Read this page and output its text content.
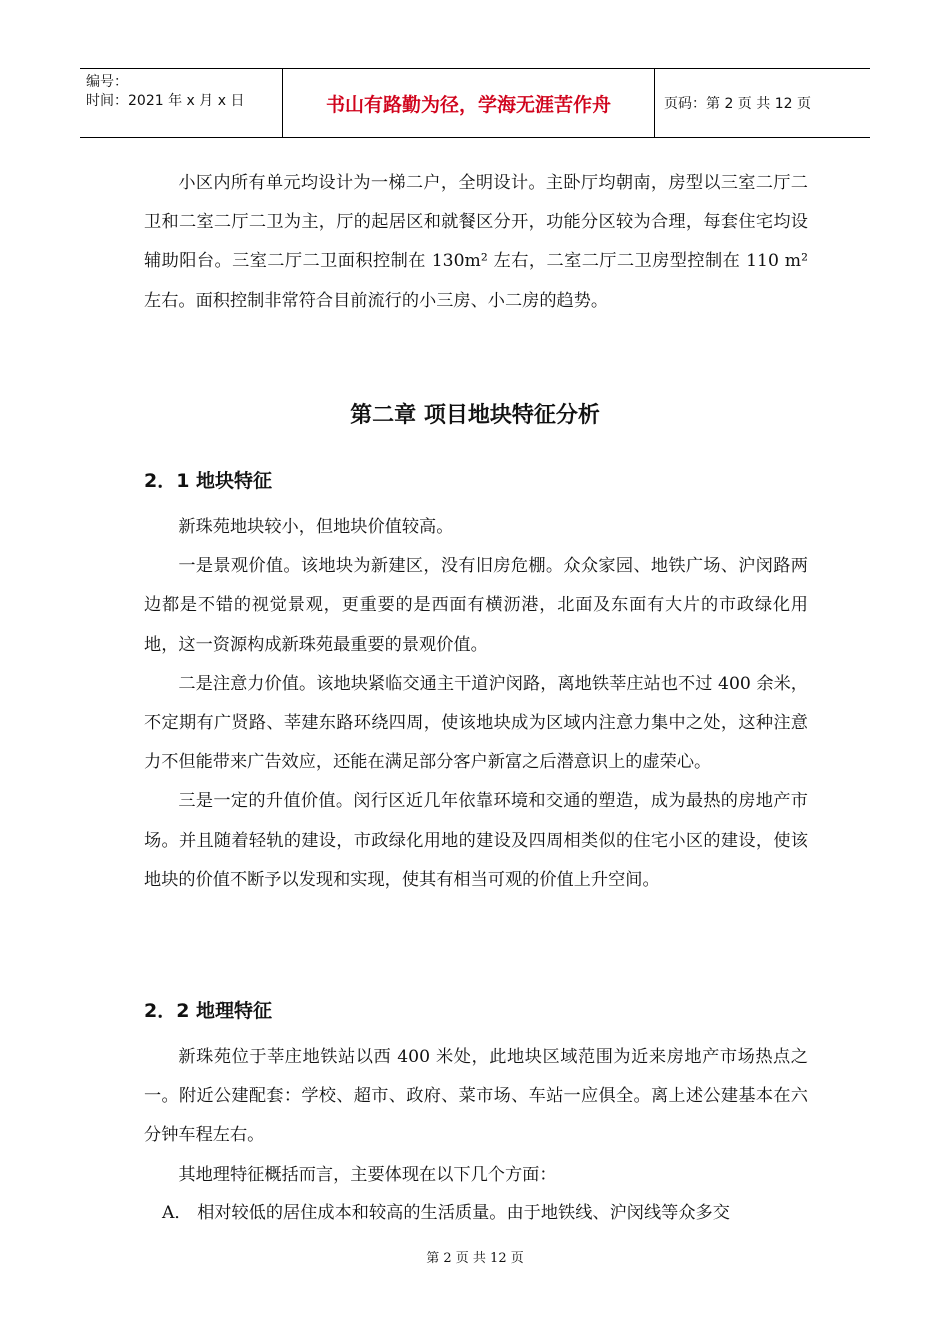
编号：
时间：2021 年 x 月 x 日	书山有路勤为径，学海无涯苦作舟	页码：第 2 页 共 12 页

小区内所有单元均设计为一梯二户，全明设计。主卧厅均朝南，房型以三室二厅二卫和二室二厅二卫为主，厅的起居区和就餐区分开，功能分区较为合理，每套住宅均设辅助阳台。三室二厅二卫面积控制在 130m² 左右，二室二厅二卫房型控制在 110 m² 左右。面积控制非常符合目前流行的小三房、小二房的趋势。

第二章 项目地块特征分析
2．1 地块特征

新珠苑地块较小，但地块价值较高。

一是景观价值。该地块为新建区，没有旧房危棚。众众家园、地铁广场、沪闵路两边都是不错的视觉景观，更重要的是西面有横沥港，北面及东面有大片的市政绿化用地，这一资源构成新珠苑最重要的景观价值。

二是注意力价值。该地块紧临交通主干道沪闵路，离地铁莘庄站也不过 400 余米，不定期有广贤路、莘建东路环绕四周，使该地块成为区域内注意力集中之处，这种注意力不但能带来广告效应，还能在满足部分客户新富之后潜意识上的虚荣心。

三是一定的升值价值。闵行区近几年依靠环境和交通的塑造，成为最热的房地产市场。并且随着轻轨的建设，市政绿化用地的建设及四周相类似的住宅小区的建设，使该地块的价值不断予以发现和实现，使其有相当可观的价值上升空间。

2．2 地理特征

新珠苑位于莘庄地铁站以西 400 米处，此地块区域范围为近来房地产市场热点之一。附近公建配套：学校、超市、政府、菜市场、车站一应俱全。离上述公建基本在六分钟车程左右。

其地理特征概括而言，主要体现在以下几个方面：

A． 相对较低的居住成本和较高的生活质量。由于地铁线、沪闵线等众多交
第 2 页 共 12 页
